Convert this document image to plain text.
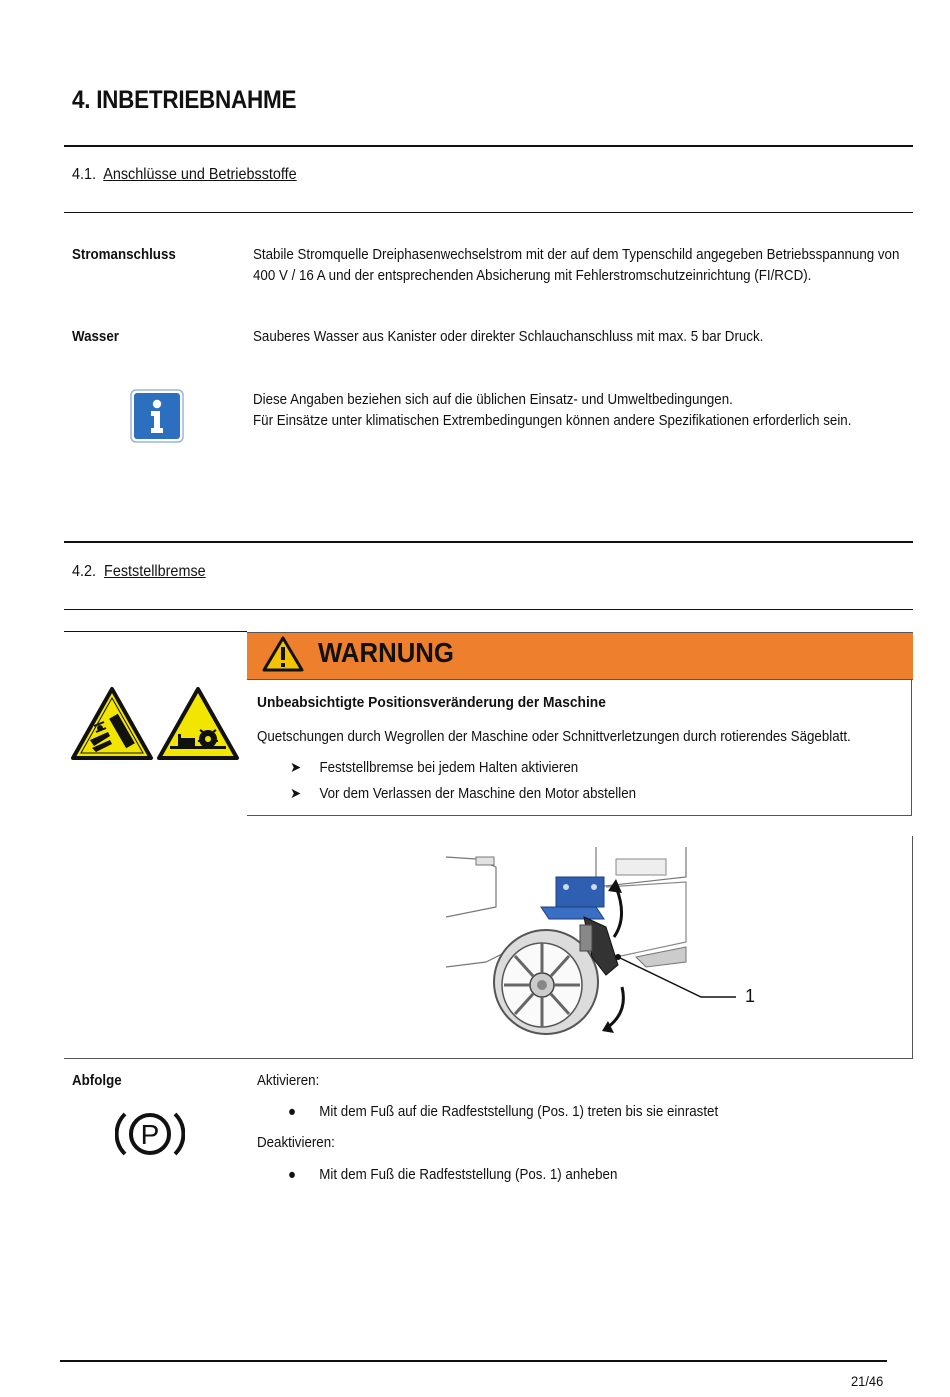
4. INBETRIEBNAHME
4.1. Anschlüsse und Betriebsstoffe
Stromanschluss	Stabile Stromquelle Dreiphasenwechselstrom mit der auf dem Typenschild angegeben Betriebsspannung von
400 V / 16 A und der entsprechenden Absicherung mit Fehlerstromschutzeinrichtung (FI/RCD).
Wasser	Sauberes Wasser aus Kanister oder direkter Schlauchanschluss mit max. 5 bar Druck.
Diese Angaben beziehen sich auf die üblichen Einsatz- und Umweltbedingungen.
Für Einsätze unter klimatischen Extrembedingungen können andere Spezifikationen erforderlich sein.
4.2. Feststellbremse
WARNUNG
Unbeabsichtigte Positionsveränderung der Maschine
Quetschungen durch Wegrollen der Maschine oder Schnittverletzungen durch rotierendes Sägeblatt.
➤ Feststellbremse bei jedem Halten aktivieren
➤ Vor dem Verlassen der Maschine den Motor abstellen
1
Abfolge
P
Aktivieren:
● Mit dem Fuß auf die Radfeststellung (Pos. 1) treten bis sie einrastet
Deaktivieren:
● Mit dem Fuß die Radfeststellung (Pos. 1) anheben
21/46
